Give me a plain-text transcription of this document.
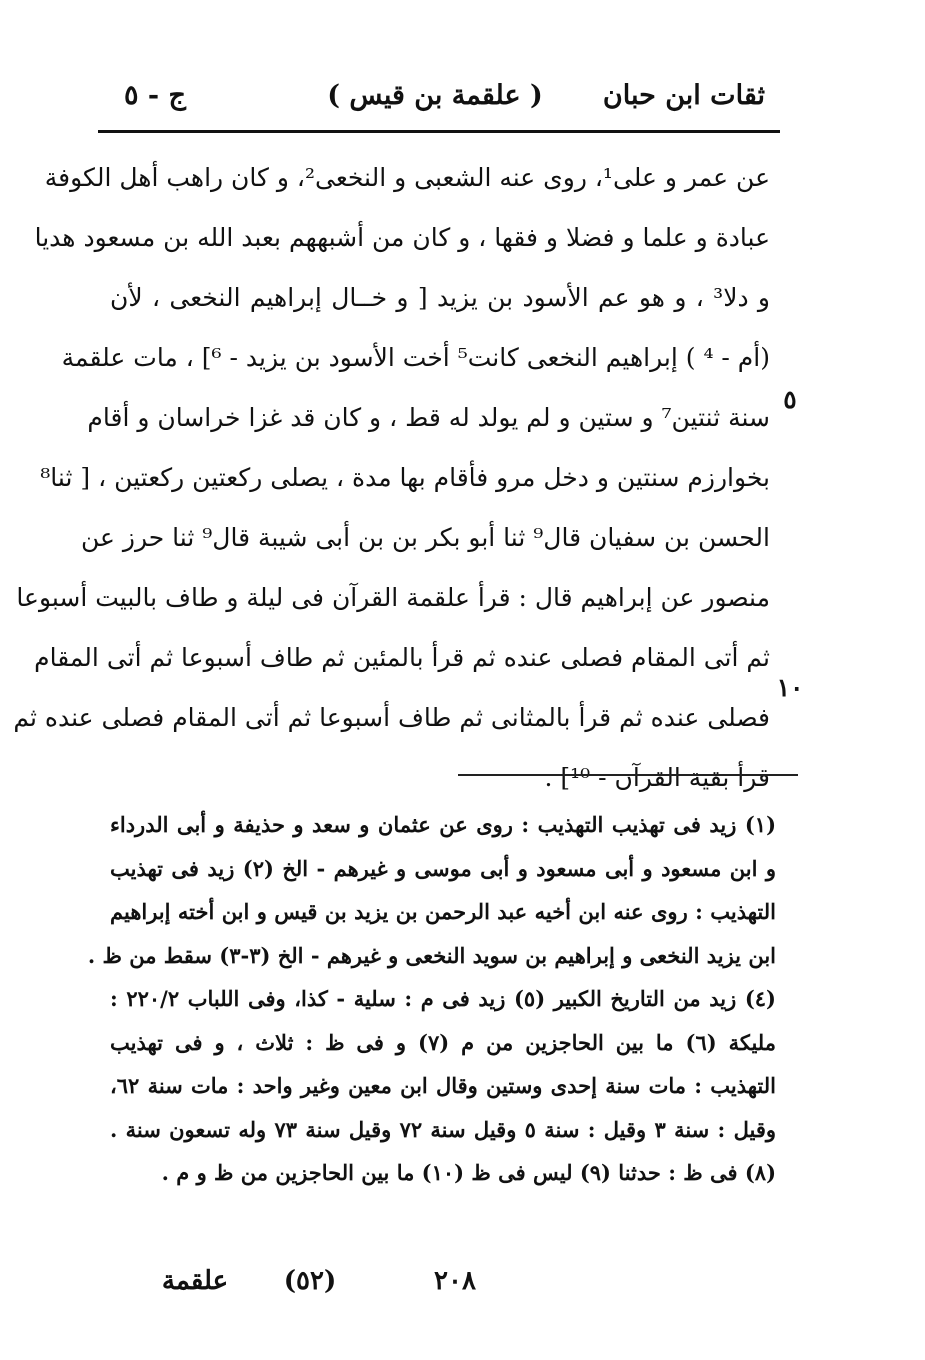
ثقات ابن حبان
( علقمة بن قيس )
ج - ٥
عن عمر و على¹، روى عنه الشعبى و النخعى²، و كان راهب أهل الكوفة
عبادة و علما و فضلا و فقها ، و كان من أشبههم بعبد الله بن مسعود هديا
و دلا³ ، و هو عم الأسود بن يزيد [ و خــال إبراهيم النخعى ، لأن
(أم - ⁴ ) إبراهيم النخعى كانت⁵ أخت الأسود بن يزيد - ⁶] ، مات علقمة
سنة ثنتين⁷ و ستين و لم يولد له قط ، و كان قد غزا خراسان و أقام
بخوارزم سنتين و دخل مرو فأقام بها مدة ، يصلى ركعتين ركعتين ، [ ثنا⁸
الحسن بن سفيان قال⁹ ثنا أبو بكر بن بن أبى شيبة قال⁹ ثنا حرز عن
منصور عن إبراهيم قال : قرأ علقمة القرآن فى ليلة و طاف بالبيت أسبوعا
ثم أتى المقام فصلى عنده ثم قرأ بالمئين ثم طاف أسبوعا ثم أتى المقام
فصلى عنده ثم قرأ بالمثانى ثم طاف أسبوعا ثم أتى المقام فصلى عنده ثم
قرأ بقية القرآن - ¹⁰] .
٥
١٠
(١) زيد فى تهذيب التهذيب : روى عن عثمان و سعد و حذيفة و أبى الدرداء
و ابن مسعود و أبى مسعود و أبى موسى و غيرهم - الخ (٢) زيد فى تهذيب
التهذيب : روى عنه ابن أخيه عبد الرحمن بن يزيد بن قيس و ابن أخته إبراهيم
ابن يزيد النخعى و إبراهيم بن سويد النخعى و غيرهم - الخ (٣-٣) سقط من ظ .
(٤) زيد من التاريخ الكبير (٥) زيد فى م : سلية - كذا، وفى اللباب ٢٢٠/٢ :
مليكة (٦) ما بين الحاجزين من م (٧) و فى ظ : ثلاث ، و فى تهذيب
التهذيب : مات سنة إحدى وستين وقال ابن معين وغير واحد : مات سنة ٦٢،
وقيل : سنة ٣ وقيل : سنة ٥ وقيل سنة ٧٢ وقيل سنة ٧٣ وله تسعون سنة .
(٨) فى ظ : حدثنا (٩) ليس فى ظ (١٠) ما بين الحاجزين من ظ و م .
٢٠٨
(٥٢)
علقمة
